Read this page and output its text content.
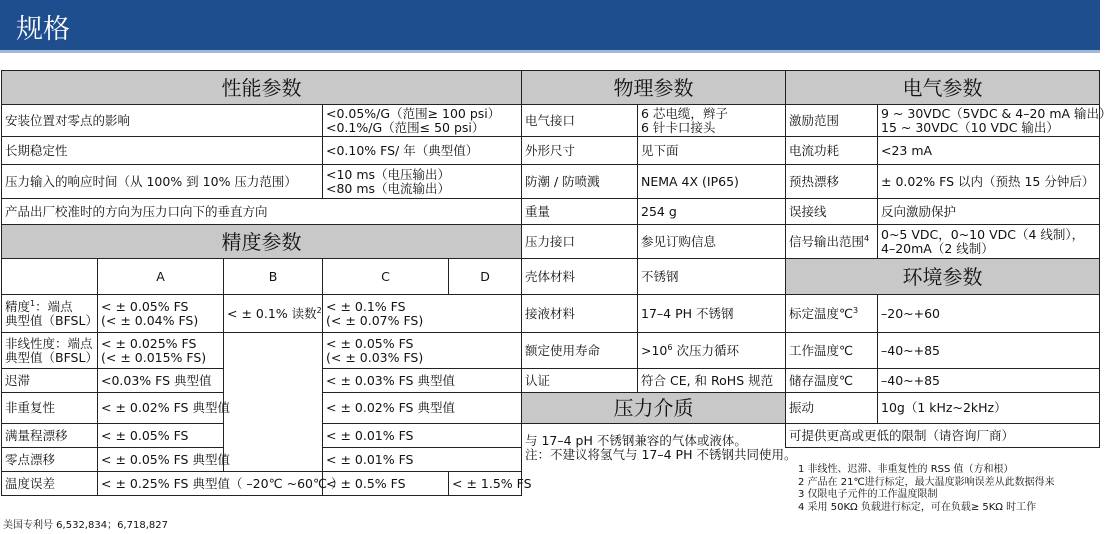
规格
性能参数				
安装位置对零点的影响			<0.05%/G（范围≥ 100 psi）
<0.1%/G（范围≤ 50 psi）	

长期稳定性			<0.10% FS/ 年（典型值）	
压力输入的响应时间（从 100% 到 10% 压力范围）			<10 ms（电压输出）
<80 ms（电流输出）	

产品出厂校准时的方向为压力口向下的垂直方向				
精度参数				
	A	B	C	D

精度$^1$：端点
典型值（BFSL）	< ± 0.05% FS
(< ± 0.04% FS)	< ± 0.1% 读数$^2$	< ± 0.1% FS
(< ± 0.07% FS)	

非线性度：端点
典型值（BFSL）	< ± 0.025% FS
(< ± 0.015% FS)		< ± 0.05% FS
(< ± 0.03% FS)	

迟滞	<0.03% FS 典型值		< ± 0.03% FS 典型值	
非重复性	< ± 0.02% FS 典型值		< ± 0.02% FS 典型值	
满量程漂移	< ± 0.05% FS		< ± 0.01% FS	
零点漂移	< ± 0.05% FS 典型值		< ± 0.01% FS	
温度误差	< ± 0.25% FS 典型值（ –20℃ ~60℃ ）		< ± 0.5% FS	< ± 1.5% FS
物理参数	
电气接口	6 芯电缆，辫子
6 针卡口接头

外形尺寸	见下面
防潮 / 防喷溅	NEMA 4X (IP65)
重量	254 g
压力接口	参见订购信息
壳体材料	不锈钢
接液材料	17–4 PH 不锈钢
额定使用寿命	$>10^6$ 次压力循环
认证	符合 CE, 和 RoHS 规范
压力介质	

与 17–4 pH 不锈钢兼容的气体或液体。
注：不建议将氢气与 17–4 PH 不锈钢共同使用。	
电气参数	
激励范围	9 ~ 30VDC（5VDC & 4–20 mA 输出）
15 ~ 30VDC（10 VDC 输出）

电流功耗	<23 mA
预热漂移	± 0.02% FS 以内（预热 15 分钟后）
误接线	反向激励保护
信号输出范围$^4$	0~5 VDC，0~10 VDC（4 线制），
4–20mA（2 线制）

环境参数	
标定温度℃$^3$	–20~+60
工作温度℃	–40~+85
储存温度℃	–40~+85
振动	10g（1 kHz~2kHz）
可提供更高或更低的限制（请咨询厂商）	
1 非线性、迟滞、非重复性的 RSS 值（方和根）
2 产品在 21℃进行标定，最大温度影响误差从此数据得来
3 仅限电子元件的工作温度限制
4 采用 50KΩ 负载进行标定，可在负载≥ 5KΩ 时工作
美国专利号 6,532,834；6,718,827
